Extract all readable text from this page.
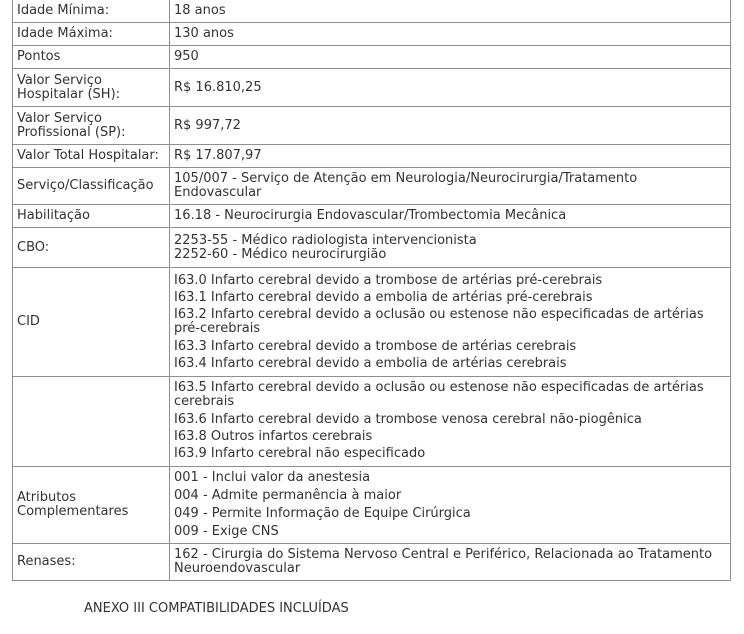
Idade Mínima:	18 anos
Idade Máxima:	130 anos
Pontos	950
Valor Serviço Hospitalar (SH):	R$ 16.810,25
Valor Serviço Profissional (SP):	R$ 997,72
Valor Total Hospitalar:	R$ 17.807,97
Serviço/Classificação	105/007 - Serviço de Atenção em Neurologia/Neurocirurgia/Tratamento Endovascular
Habilitação	16.18 - Neurocirurgia Endovascular/Trombectomia Mecânica
CBO:	2253-55 - Médico radiologista intervencionista
2252-60 - Médico neurocirurgião

CID	I63.0 Infarto cerebral devido a trombose de artérias pré-cerebrais
I63.1 Infarto cerebral devido a embolia de artérias pré-cerebrais
I63.2 Infarto cerebral devido a oclusão ou estenose não especificadas de artérias pré-cerebrais
I63.3 Infarto cerebral devido a trombose de artérias cerebrais
I63.4 Infarto cerebral devido a embolia de artérias cerebrais

	I63.5 Infarto cerebral devido a oclusão ou estenose não especificadas de artérias cerebrais
I63.6 Infarto cerebral devido a trombose venosa cerebral não-piogênica
I63.8 Outros infartos cerebrais
I63.9 Infarto cerebral não especificado

Atributos Complementares	001 - Inclui valor da anestesia
004 - Admite permanência à maior
049 - Permite Informação de Equipe Cirúrgica
009 - Exige CNS

Renases:	162 - Cirurgia do Sistema Nervoso Central e Periférico, Relacionada ao Tratamento Neuroendovascular
ANEXO III COMPATIBILIDADES INCLUÍDAS
